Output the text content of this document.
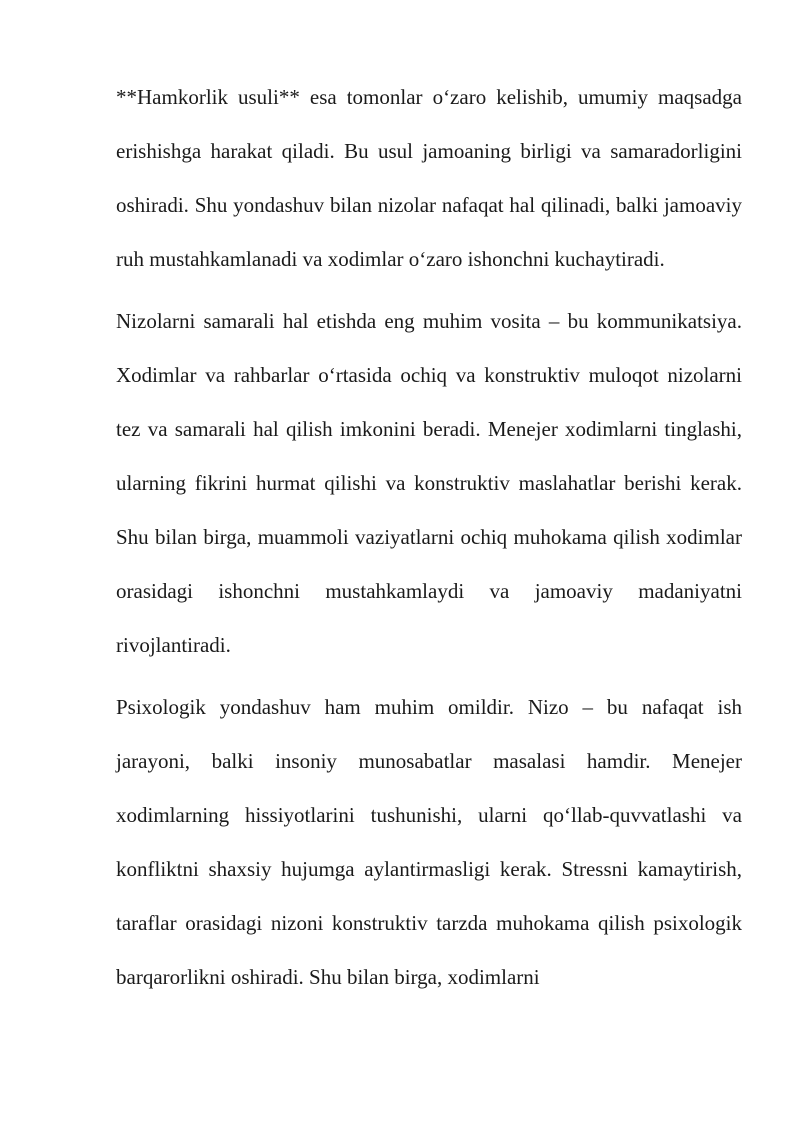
**Hamkorlik usuli** esa tomonlar o‘zaro kelishib, umumiy maqsadga erishishga harakat qiladi. Bu usul jamoaning birligi va samaradorligini oshiradi. Shu yondashuv bilan nizolar nafaqat hal qilinadi, balki jamoaviy ruh mustahkamlanadi va xodimlar o‘zaro ishonchni kuchaytiradi.

Nizolarni samarali hal etishda eng muhim vosita – bu kommunikatsiya. Xodimlar va rahbarlar o‘rtasida ochiq va konstruktiv muloqot nizolarni tez va samarali hal qilish imkonini beradi. Menejer xodimlarni tinglashi, ularning fikrini hurmat qilishi va konstruktiv maslahatlar berishi kerak. Shu bilan birga, muammoli vaziyatlarni ochiq muhokama qilish xodimlar orasidagi ishonchni mustahkamlaydi va jamoaviy madaniyatni rivojlantiradi.

Psixologik yondashuv ham muhim omildir. Nizo – bu nafaqat ish jarayoni, balki insoniy munosabatlar masalasi hamdir. Menejer xodimlarning hissiyotlarini tushunishi, ularni qo‘llab-quvvatlashi va konfliktni shaxsiy hujumga aylantirmasligi kerak. Stressni kamaytirish, taraflar orasidagi nizoni konstruktiv tarzda muhokama qilish psixologik barqarorlikni oshiradi. Shu bilan birga, xodimlarni
